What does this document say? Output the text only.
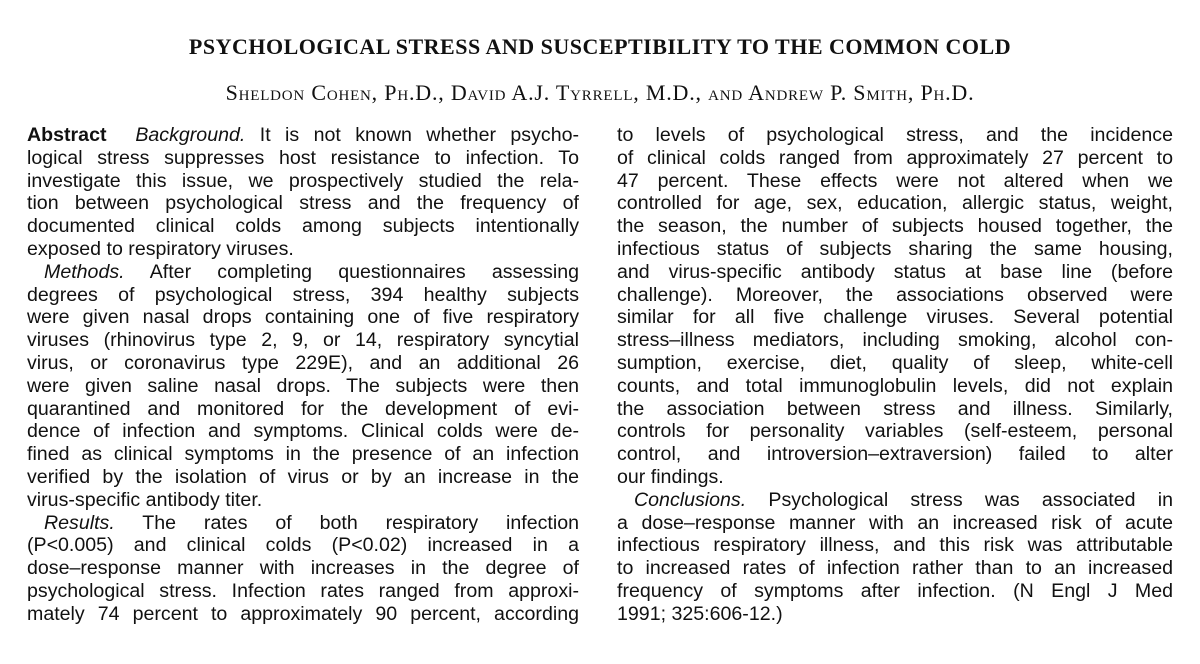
PSYCHOLOGICAL STRESS AND SUSCEPTIBILITY TO THE COMMON COLD
Sheldon Cohen, Ph.D., David A.J. Tyrrell, M.D., and Andrew P. Smith, Ph.D.
Abstract Background. It is not known whether psycho-
logical stress suppresses host resistance to infection. To
investigate this issue, we prospectively studied the rela-
tion between psychological stress and the frequency of
documented clinical colds among subjects intentionally
exposed to respiratory viruses.
Methods. After completing questionnaires assessing
degrees of psychological stress, 394 healthy subjects
were given nasal drops containing one of five respiratory
viruses (rhinovirus type 2, 9, or 14, respiratory syncytial
virus, or coronavirus type 229E), and an additional 26
were given saline nasal drops. The subjects were then
quarantined and monitored for the development of evi-
dence of infection and symptoms. Clinical colds were de-
fined as clinical symptoms in the presence of an infection
verified by the isolation of virus or by an increase in the
virus-specific antibody titer.
Results. The rates of both respiratory infection
(P<0.005) and clinical colds (P<0.02) increased in a
dose–response manner with increases in the degree of
psychological stress. Infection rates ranged from approxi-
mately 74 percent to approximately 90 percent, according
to levels of psychological stress, and the incidence
of clinical colds ranged from approximately 27 percent to
47 percent. These effects were not altered when we
controlled for age, sex, education, allergic status, weight,
the season, the number of subjects housed together, the
infectious status of subjects sharing the same housing,
and virus-specific antibody status at base line (before
challenge). Moreover, the associations observed were
similar for all five challenge viruses. Several potential
stress–illness mediators, including smoking, alcohol con-
sumption, exercise, diet, quality of sleep, white-cell
counts, and total immunoglobulin levels, did not explain
the association between stress and illness. Similarly,
controls for personality variables (self-esteem, personal
control, and introversion–extraversion) failed to alter
our findings.
Conclusions. Psychological stress was associated in
a dose–response manner with an increased risk of acute
infectious respiratory illness, and this risk was attributable
to increased rates of infection rather than to an increased
frequency of symptoms after infection. (N Engl J Med
1991; 325:606-12.)
